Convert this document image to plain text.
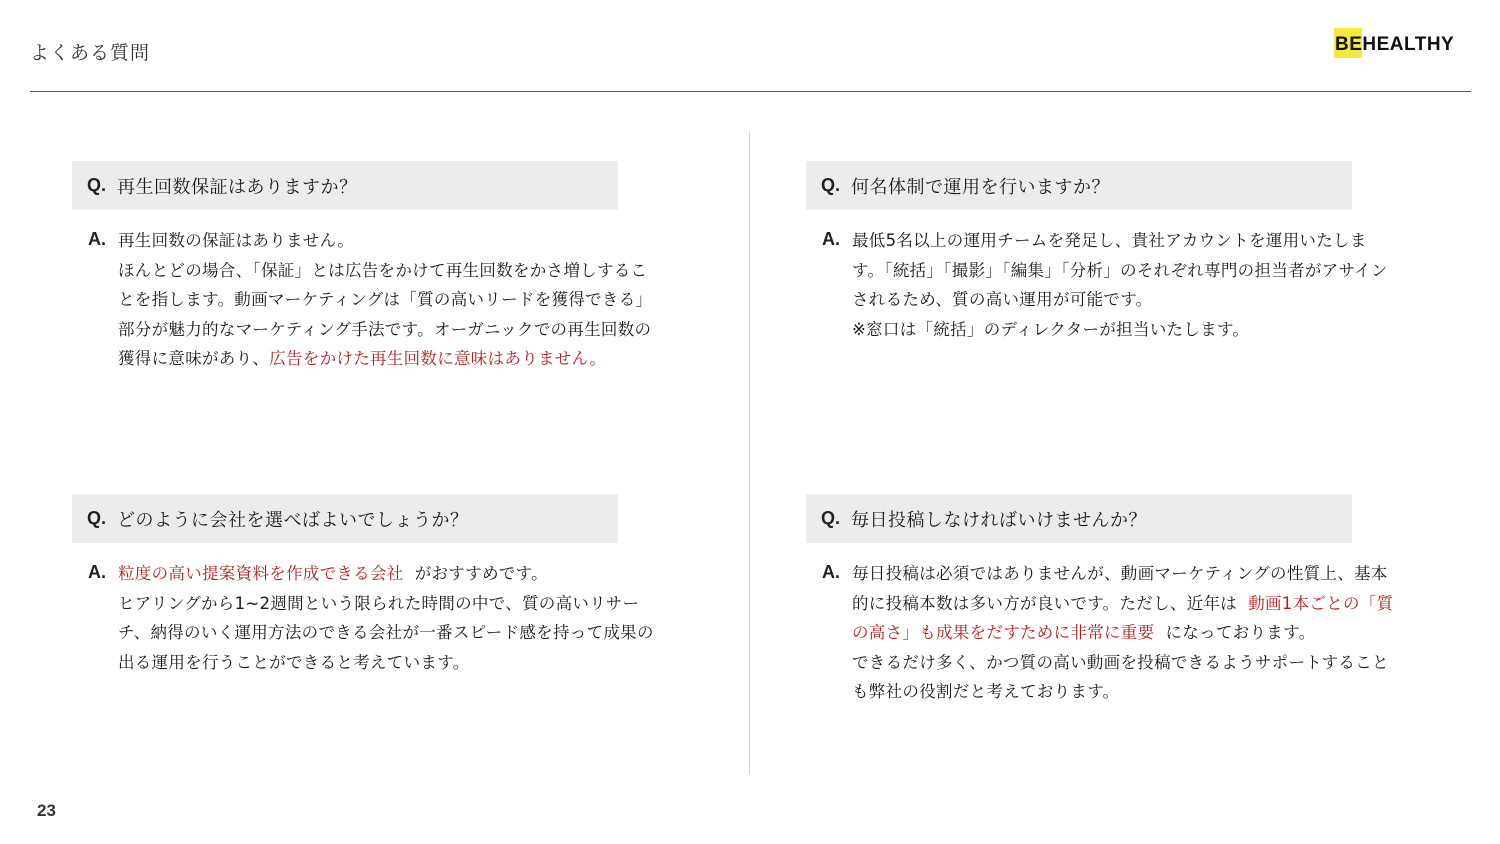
よくある質問	BE HEALTHY
Q. 再生回数保証はありますか？
A. 再生回数の保証はありません。
ほんとどの場合、「保証」とは広告をかけて再生回数をかさ増しすることを指します。動画マーケティングは「質の高いリードを獲得できる」部分が魅力的なマーケティング手法です。オーガニックでの再生回数の獲得に意味があり、広告をかけた再生回数に意味はありません。
Q. 何名体制で運用を行いますか？
A. 最低5名以上の運用チームを発足し、貴社アカウントを運用いたします。「統括」「撮影」「編集」「分析」のそれぞれ専門の担当者がアサインされるため、質の高い運用が可能です。
※窓口は「統括」のディレクターが担当いたします。
Q. どのように会社を選べばよいでしょうか？
A. 粒度の高い提案資料を作成できる会社 がおすすめです。
ヒアリングから1~2週間という限られた時間の中で、質の高いリサーチ、納得のいく運用方法のできる会社が一番スピード感を持って成果の出る運用を行うことができると考えています。
Q. 毎日投稿しなければいけませんか？
A. 毎日投稿は必須ではありませんが、動画マーケティングの性質上、基本的に投稿本数は多い方が良いです。ただし、近年は 動画1本ごとの「質の高さ」も成果をだすために非常に重要 になっております。
できるだけ多く、かつ質の高い動画を投稿できるようサポートすることも弊社の役割だと考えております。
23
